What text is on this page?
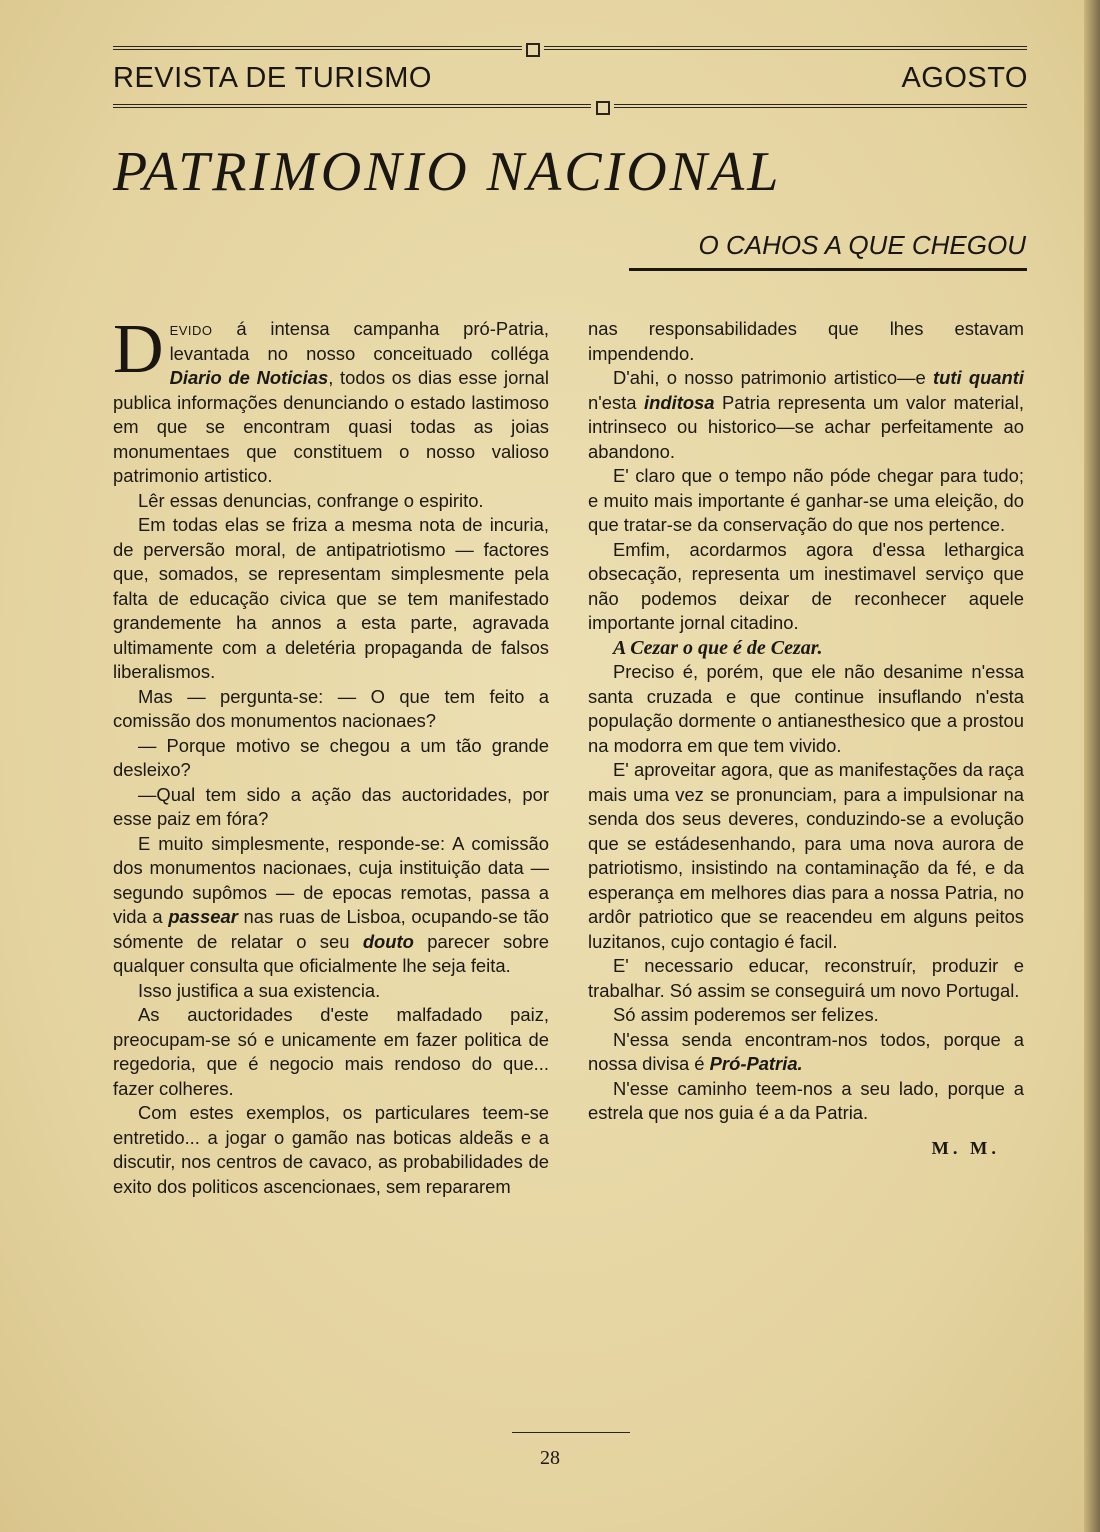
REVISTA DE TURISMO	AGOSTO
PATRIMONIO NACIONAL
O CAHOS A QUE CHEGOU

Devido á intensa campanha pró-Patria, levantada no nosso conceituado colléga Diario de Noticias, todos os dias esse jornal publica informações denunciando o estado lastimoso em que se encontram quasi todas as joias monumentaes que constituem o nosso valioso patrimonio artistico.

Lêr essas denuncias, confrange o espirito.

Em todas elas se friza a mesma nota de incuria, de perversão moral, de antipatriotismo — factores que, somados, se representam simplesmente pela falta de educação civica que se tem manifestado grandemente ha annos a esta parte, agravada ultimamente com a deletéria propaganda de falsos liberalismos.

Mas — pergunta-se: — O que tem feito a comissão dos monumentos nacionaes?

— Porque motivo se chegou a um tão grande desleixo?

—Qual tem sido a ação das auctoridades, por esse paiz em fóra?

E muito simplesmente, responde-se: A comissão dos monumentos nacionaes, cuja instituição data — segundo supômos — de epocas remotas, passa a vida a passear nas ruas de Lisboa, ocupando-se tão sómente de relatar o seu douto parecer sobre qualquer consulta que oficialmente lhe seja feita.

Isso justifica a sua existencia.

As auctoridades d'este malfadado paiz, preocupam-se só e unicamente em fazer politica de regedoria, que é negocio mais rendoso do que... fazer colheres.

Com estes exemplos, os particulares teem-se entretido... a jogar o gamão nas boticas aldeãs e a discutir, nos centros de cavaco, as probabilidades de exito dos politicos ascencionaes, sem repararem

nas responsabilidades que lhes estavam impendendo.

D'ahi, o nosso patrimonio artistico—e tuti quanti n'esta inditosa Patria representa um valor material, intrinseco ou historico—se achar perfeitamente ao abandono.

E' claro que o tempo não póde chegar para tudo; e muito mais importante é ganhar-se uma eleição, do que tratar-se da conservação do que nos pertence.

Emfim, acordarmos agora d'essa lethargica obsecação, representa um inestimavel serviço que não podemos deixar de reconhecer aquele importante jornal citadino.

A Cezar o que é de Cezar.

Preciso é, porém, que ele não desanime n'essa santa cruzada e que continue insuflando n'esta população dormente o antianesthesico que a prostou na modorra em que tem vivido.

E' aproveitar agora, que as manifestações da raça mais uma vez se pronunciam, para a impulsionar na senda dos seus deveres, conduzindo-se a evolução que se estádesenhando, para uma nova aurora de patriotismo, insistindo na contaminação da fé, e da esperança em melhores dias para a nossa Patria, no ardôr patriotico que se reacendeu em alguns peitos luzitanos, cujo contagio é facil.

E' necessario educar, reconstruír, produzir e trabalhar. Só assim se conseguirá um novo Portugal.

Só assim poderemos ser felizes.

N'essa senda encontram-nos todos, porque a nossa divisa é Pró-Patria.

N'esse caminho teem-nos a seu lado, porque a estrela que nos guia é a da Patria.

M. M.
28
